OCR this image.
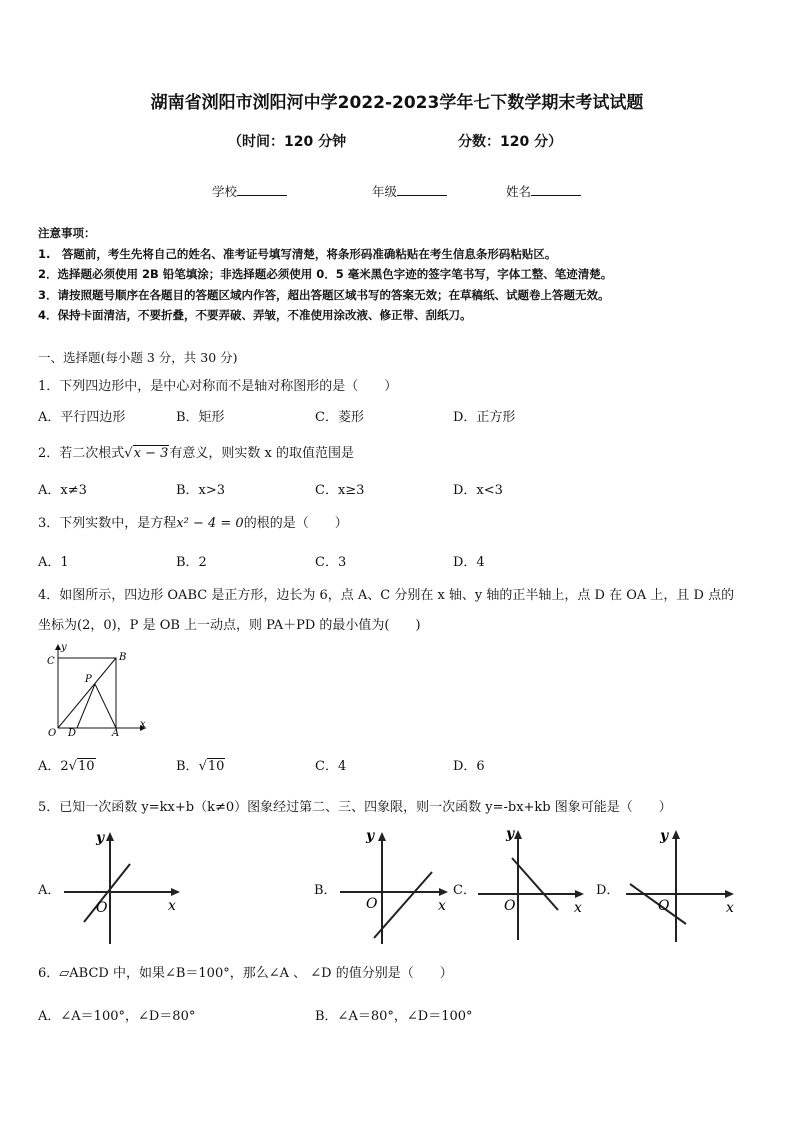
湖南省浏阳市浏阳河中学2022-2023学年七下数学期末考试试题
（时间：120 分钟	分数：120 分）
学校	年级	姓名
注意事项：
1.　答题前，考生先将自己的姓名、准考证号填写清楚，将条形码准确粘贴在考生信息条形码粘贴区。
2．选择题必须使用 2B 铅笔填涂；非选择题必须使用 0．5 毫米黑色字迹的签字笔书写，字体工整、笔迹清楚。
3．请按照题号顺序在各题目的答题区域内作答，超出答题区域书写的答案无效；在草稿纸、试题卷上答题无效。
4．保持卡面清洁，不要折叠，不要弄破、弄皱，不准使用涂改液、修正带、刮纸刀。
一、选择题(每小题 3 分，共 30 分)
1．下列四边形中，是中心对称而不是轴对称图形的是（　　）
A．平行四边形	B．矩形	C．菱形	D．正方形
2．若二次根式√x − 3有意义，则实数 x 的取值范围是
A．x≠3	B．x>3	C．x≥3	D．x<3
3．下列实数中，是方程x² − 4 = 0的根的是（　　）
A．1	B．2	C．3	D．4
4．如图所示，四边形 OABC 是正方形，边长为 6，点 A、C 分别在 x 轴、y 轴的正半轴上，点 D 在 OA 上，且 D 点的
坐标为(2，0)，P 是 OB 上一动点，则 PA＋PD 的最小值为(　　)
y
x
O	A
B
C
D
P
A．2√10	B．√10	C．4	D．6
5．已知一次函数 y=kx+b（k≠0）图象经过第二、三、四象限，则一次函数 y=-bx+kb 图象可能是（　　）
A．
y
x
O
B．
y
x
O
C．
y
x
O
D．
y
x
O
6．▱ABCD 中，如果∠B＝100°，那么∠A 、 ∠D 的值分别是（　　）
A．∠A＝100°，∠D＝80°	B．∠A＝80°，∠D＝100°
